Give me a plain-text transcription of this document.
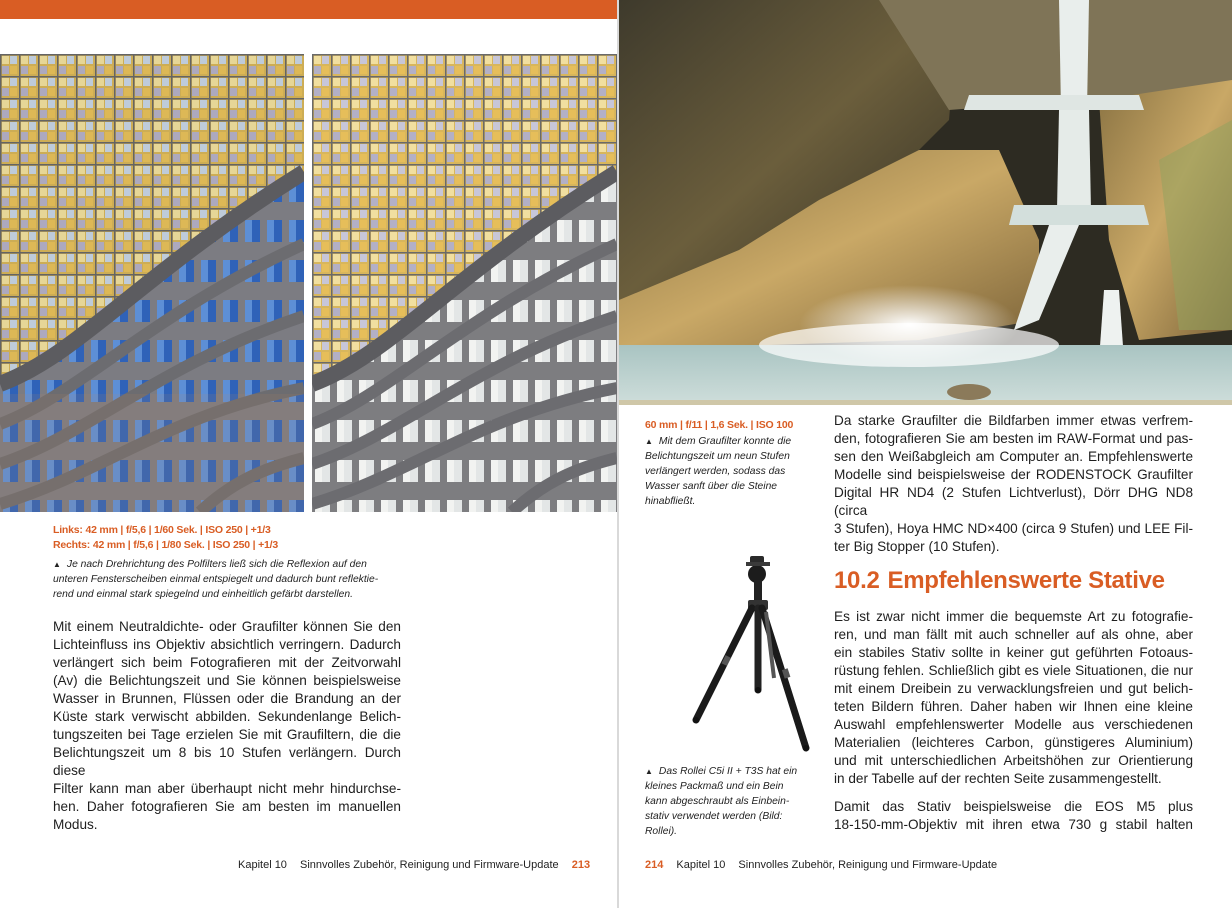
Links: 42 mm | f/5,6 | 1/60 Sek. | ISO 250 | +1/3
Rechts: 42 mm | f/5,6 | 1/80 Sek. | ISO 250 | +1/3
▲ Je nach Drehrichtung des Polfilters ließ sich die Reflexion auf den
unteren Fensterscheiben einmal entspiegelt und dadurch bunt reflektie-
rend und einmal stark spiegelnd und einheitlich gefärbt darstellen.
Mit einem Neutraldichte- oder Graufilter können Sie den
Lichteinfluss ins Objektiv absichtlich verringern. Dadurch
verlängert sich beim Fotografieren mit der Zeitvorwahl
(Av) die Belichtungszeit und Sie können beispielsweise
Wasser in Brunnen, Flüssen oder die Brandung an der
Küste stark verwischt abbilden. Sekundenlange Belich-
tungszeiten bei Tage erzielen Sie mit Graufiltern, die die
Belichtungszeit um 8 bis 10 Stufen verlängern. Durch diese
Filter kann man aber überhaupt nicht mehr hindurchse-
hen. Daher fotografieren Sie am besten im manuellen
Modus.
Kapitel 10 Sinnvolles Zubehör, Reinigung und Firmware-Update 213
60 mm | f/11 | 1,6 Sek. | ISO 100
▲ Mit dem Graufilter konnte die
Belichtungszeit um neun Stufen
verlängert werden, sodass das
Wasser sanft über die Steine
hinabfließt.
Da starke Graufilter die Bildfarben immer etwas verfrem-
den, fotografieren Sie am besten im RAW-Format und pas-
sen den Weißabgleich am Computer an. Empfehlenswerte
Modelle sind beispielsweise der RODENSTOCK Graufilter
Digital HR ND4 (2 Stufen Lichtverlust), Dörr DHG ND8 (circa
3 Stufen), Hoya HMC ND×400 (circa 9 Stufen) und LEE Fil-
ter Big Stopper (10 Stufen).
10.2 Empfehlenswerte Stative
▲ Das Rollei C5i II + T3S hat ein
kleines Packmaß und ein Bein
kann abgeschraubt als Einbein-
stativ verwendet werden (Bild:
Rollei).
Es ist zwar nicht immer die bequemste Art zu fotografie-
ren, und man fällt mit auch schneller auf als ohne, aber
ein stabiles Stativ sollte in keiner gut geführten Fotoaus-
rüstung fehlen. Schließlich gibt es viele Situationen, die nur
mit einem Dreibein zu verwacklungsfreien und gut belich-
teten Bildern führen. Daher haben wir Ihnen eine kleine
Auswahl empfehlenswerter Modelle aus verschiedenen
Materialien (leichteres Carbon, günstigeres Aluminium)
und mit unterschiedlichen Arbeitshöhen zur Orientierung
in der Tabelle auf der rechten Seite zusammengestellt.
Damit das Stativ beispielsweise die EOS M5 plus
18-150-mm-Objektiv mit ihren etwa 730 g stabil halten
214 Kapitel 10 Sinnvolles Zubehör, Reinigung und Firmware-Update
